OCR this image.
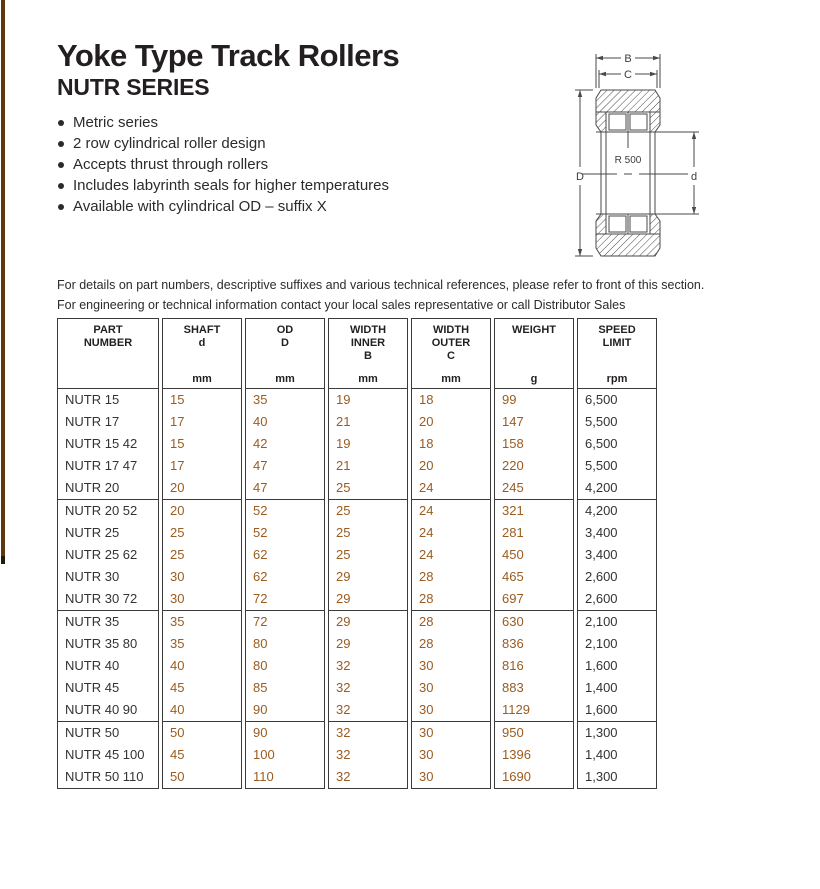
Yoke Type Track Rollers
NUTR SERIES
Metric series
2 row cylindrical roller design
Accepts thrust through rollers
Includes labyrinth seals for higher temperatures
Available with cylindrical OD – suffix X
B
C
D	d
R 500
For details on part numbers, descriptive suffixes and various technical references, please refer to front of this section.
For engineering or technical information contact your local sales representative or call Distributor Sales
PART
NUMBER
NUTR 15
NUTR 17
NUTR 15 42
NUTR 17 47
NUTR 20
NUTR 20 52
NUTR 25
NUTR 25 62
NUTR 30
NUTR 30 72
NUTR 35
NUTR 35 80
NUTR 40
NUTR 45
NUTR 40 90
NUTR 50
NUTR 45 100
NUTR 50 110
SHAFT
d
mm
15
17
15
17
20
20
25
25
30
30
35
35
40
45
40
50
45
50
OD
D
mm
35
40
42
47
47
52
52
62
62
72
72
80
80
85
90
90
100
110
WIDTH
INNER
B
mm
19
21
19
21
25
25
25
25
29
29
29
29
32
32
32
32
32
32
WIDTH
OUTER
C
mm
18
20
18
20
24
24
24
24
28
28
28
28
30
30
30
30
30
30
WEIGHT
g
99
147
158
220
245
321
281
450
465
697
630
836
816
883
1129
950
1396
1690
SPEED
LIMIT
rpm
6,500
5,500
6,500
5,500
4,200
4,200
3,400
3,400
2,600
2,600
2,100
2,100
1,600
1,400
1,600
1,300
1,400
1,300
